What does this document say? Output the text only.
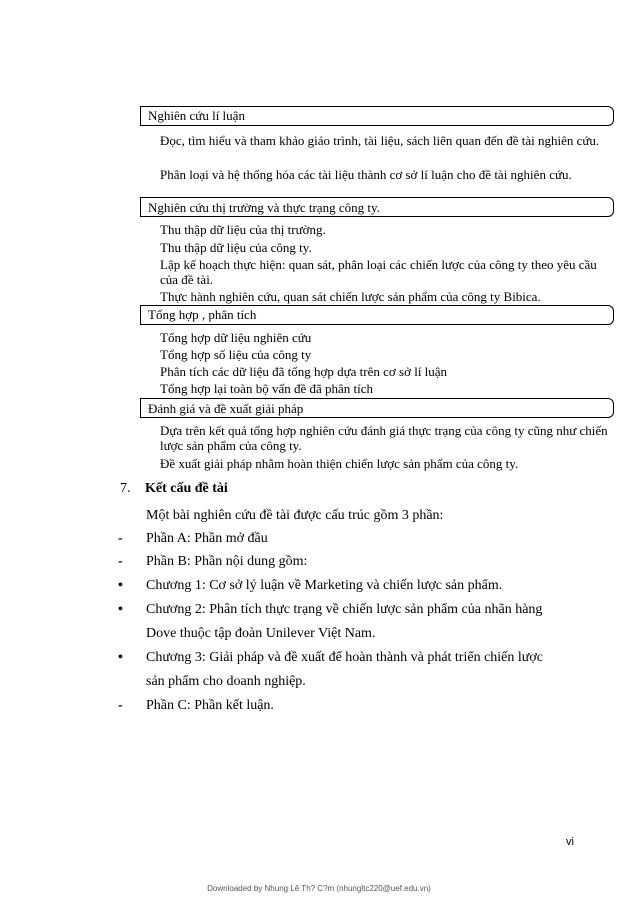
Nghiên cứu lí luận
Đọc, tìm hiểu và tham khảo giáo trình, tài liệu, sách liên quan đến đề tài nghiên cứu.
Phân loại và hệ thống hóa các tài liệu thành cơ sở lí luận cho đề tài nghiên cứu.
Nghiên cứu thị trường và thực trạng công ty.
Thu thập dữ liệu của thị trường.
Thu thập dữ liệu của công ty.
Lập kế hoạch thực hiện: quan sát, phân loại các chiến lược của công ty theo yêu cầu của đề tài.
Thực hành nghiên cứu, quan sát chiến lược sản phẩm của công ty Bibica.
Tổng hợp , phân tích
Tổng hợp dữ liệu nghiên cứu
Tổng hợp số liệu của công ty
Phân tích các dữ liệu đã tổng hợp dựa trên cơ sở lí luận
Tổng hợp lại toàn bộ vấn đề đã phân tích
Đánh giá và đề xuất giải pháp
Dựa trên kết quả tổng hợp nghiên cứu đánh giá thực trạng của công ty cũng như chiến lược sản phẩm của công ty.
Đề xuất giải pháp nhằm hoàn thiện chiến lược sản phẩm của công ty.
7. Kết cấu đề tài
Một bài nghiên cứu đề tài được cấu trúc gồm 3 phần:
- Phần A: Phần mở đầu
- Phần B: Phần nội dung gồm:
• Chương 1: Cơ sở lý luận về Marketing và chiến lược sản phẩm.
• Chương 2: Phân tích thực trạng về chiến lược sản phẩm của nhãn hàng
Dove thuộc tập đoàn Unilever Việt Nam.
• Chương 3: Giải pháp và đề xuất để hoàn thành và phát triển chiến lược
sản phẩm cho doanh nghiệp.
- Phần C: Phần kết luận.
vi
Downloaded by Nhung Lê Th? C?m (nhungltc220@uef.edu.vn)
